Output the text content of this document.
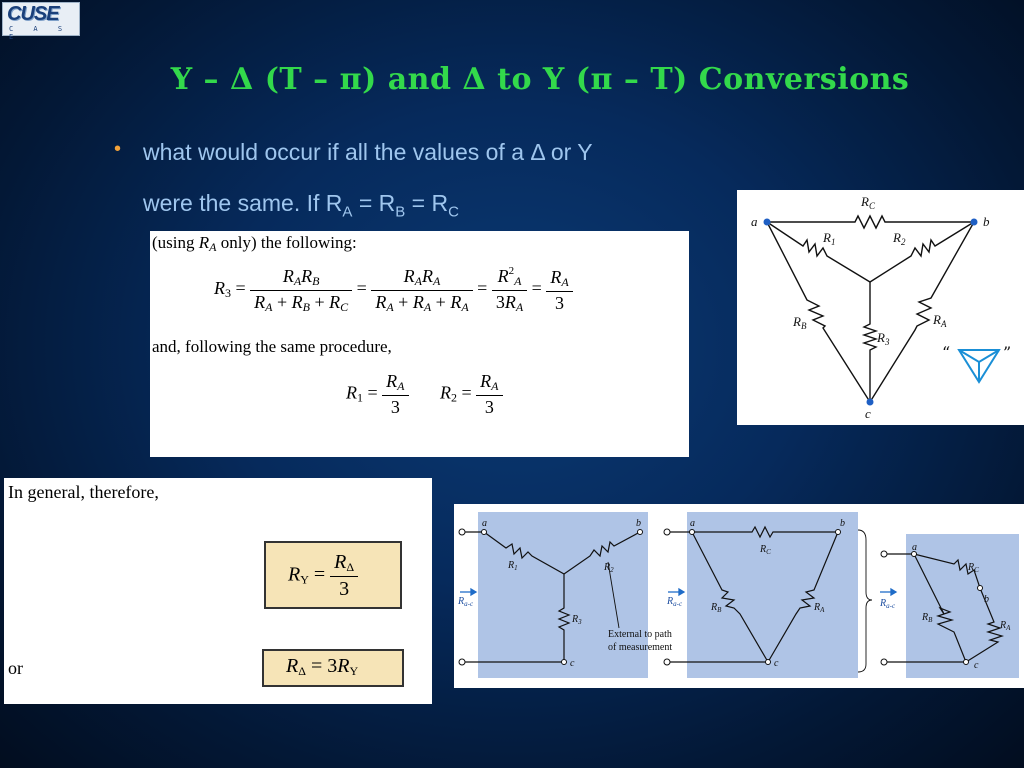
CUSE
C A S E
Y – Δ (T – π) and Δ to Y (π – T) Conversions
• what would occur if all the values of a Δ or Y
were the same. If $R_A = R_B = R_C$
(using $R_A$ only) the following:
$R_3 = \frac{R_AR_B}{R_A + R_B + R_C} = \frac{R_AR_A}{R_A + R_A + R_A} = \frac{R^2_A}{3R_A} = \frac{R_A}{3}$
and, following the same procedure,
$R_1 = \frac{R_A}{3} R_2 = \frac{R_A}{3}$
a	b
c
$R_C$
$R_1$	$R_2$
$R_3$
$R_B$	$R_A$
“	”
In general, therefore,
$R_Y = \frac{R_\Delta}{3}$
or	$R_\Delta = 3R_Y$
a	b
c
$R_1$	$R_2$
$R_3$
$R_{a-c}$
a	b
c
$R_C$
$R_B$	$R_A$
$R_{a-c}$
a
b
c
$R_C$
$R_B$	$R_A$
$R_{a-c}$
External to path
of measurement
